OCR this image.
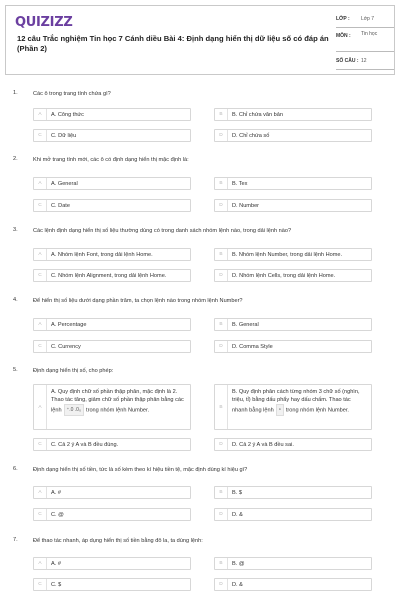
QUIZIZZ
12 câu Trắc nghiệm Tin học 7 Cánh diều Bài 4: Định dạng hiển thị dữ liệu số có đáp án (Phần 2)
LỚP : Lớp 7
MÔN : Tin học
SỐ CÂU : 12
1.	Các ô trong trang tính chứa gì?
A	A. Công thức	B	B. Chỉ chứa văn bản
C	C. Dữ liệu	D	D. Chỉ chứa số
2.	Khi mở trang tính mới, các ô có định dạng hiển thị mặc định là:
A	A. General	B	B. Tex
C	C. Date	D	D. Number
3.	Các lệnh định dạng hiển thị số liệu thường dùng có trong danh sách nhóm lệnh nào, trong dải lệnh nào?
A	A. Nhóm lệnh Font, trong dải lệnh Home.	B	B. Nhóm lệnh Number, trong dải lệnh Home.
C	C. Nhóm lệnh Alignment, trong dải lệnh Home.	D	D. Nhóm lệnh Cells, trong dải lệnh Home.
4.	Để hiển thị số liệu dưới dạng phần trăm, ta chọn lệnh nào trong nhóm lệnh Number?
A	A. Percentage	B	B. General
C	C. Currency	D	D. Comma Style
5.	Định dạng hiển thị số, cho phép:
A
A. Quy định chữ số phần thập phân, mặc định là 2. Thao tác tăng, giảm chữ số phần thập phân bằng các lệnh ⁺.0 .0₀ trong nhóm lệnh Number.	B
B. Quy định phân cách từng nhóm 3 chữ số (nghìn, triệu, tỉ) bằng dấu phẩy hay dấu chấm. Thao tác nhanh bằng lệnh ⁹ trong nhóm lệnh Number.
C	C. Cả 2 ý A và B đều đúng.	D	D. Cả 2 ý A và B đều sai.
6.	Định dạng hiển thị số tiền, tức là số kèm theo kí hiệu tiền tệ, mặc định dùng kí hiệu gì?
A	A. #	B	B. $
C	C. @	D	D. &
7.	Để thao tác nhanh, áp dụng hiển thị số tiền bằng đô la, ta dùng lệnh:
A	A. #	B	B. @
C	C. $	D	D. &
